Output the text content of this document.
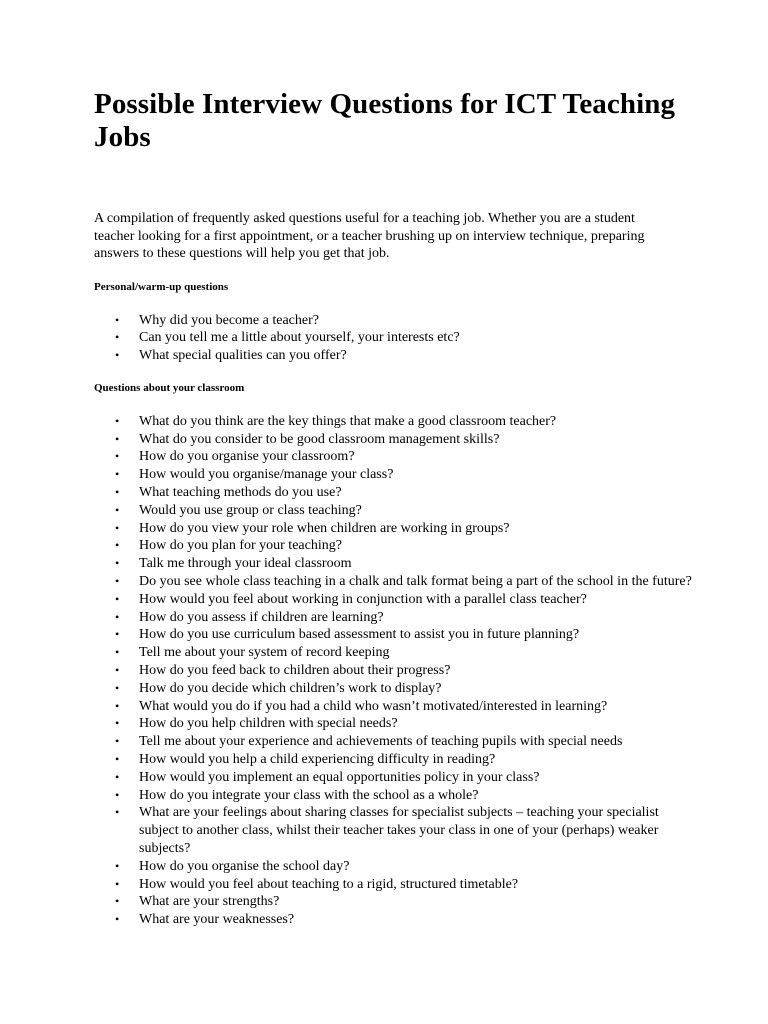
Possible Interview Questions for ICT Teaching Jobs

A compilation of frequently asked questions useful for a teaching job. Whether you are a student teacher looking for a first appointment, or a teacher brushing up on interview technique, preparing answers to these questions will help you get that job.

Personal/warm-up questions
• Why did you become a teacher?
• Can you tell me a little about yourself, your interests etc?
• What special qualities can you offer?
Questions about your classroom
• What do you think are the key things that make a good classroom teacher?
• What do you consider to be good classroom management skills?
• How do you organise your classroom?
• How would you organise/manage your class?
• What teaching methods do you use?
• Would you use group or class teaching?
• How do you view your role when children are working in groups?
• How do you plan for your teaching?
• Talk me through your ideal classroom
• Do you see whole class teaching in a chalk and talk format being a part of the school in the future?
• How would you feel about working in conjunction with a parallel class teacher?
• How do you assess if children are learning?
• How do you use curriculum based assessment to assist you in future planning?
• Tell me about your system of record keeping
• How do you feed back to children about their progress?
• How do you decide which children’s work to display?
• What would you do if you had a child who wasn’t motivated/interested in learning?
• How do you help children with special needs?
• Tell me about your experience and achievements of teaching pupils with special needs
• How would you help a child experiencing difficulty in reading?
• How would you implement an equal opportunities policy in your class?
• How do you integrate your class with the school as a whole?
• What are your feelings about sharing classes for specialist subjects – teaching your specialist subject to another class, whilst their teacher takes your class in one of your (perhaps) weaker subjects?
• How do you organise the school day?
• How would you feel about teaching to a rigid, structured timetable?
• What are your strengths?
• What are your weaknesses?
